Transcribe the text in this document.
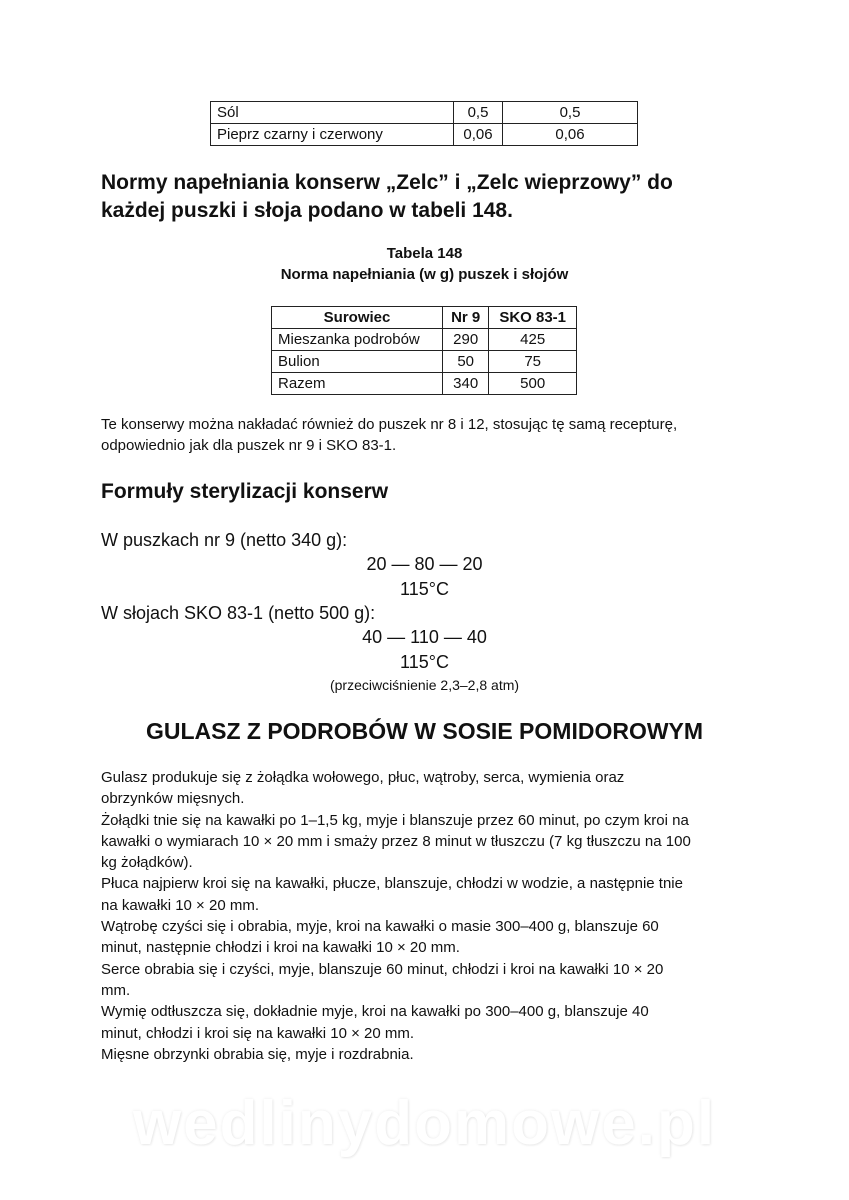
Sól	0,5	0,5
Pieprz czarny i czerwony	0,06	0,06
Normy napełniania konserw „Zelc” i „Zelc wieprzowy” do
każdej puszki i słoja podano w tabeli 148.
Tabela 148
Norma napełniania (w g) puszek i słojów
Surowiec	Nr 9	SKO 83-1
Mieszanka podrobów	290	425
Bulion	50	75
Razem	340	500
Te konserwy można nakładać również do puszek nr 8 i 12, stosując tę samą recepturę,
odpowiednio jak dla puszek nr 9 i SKO 83-1.
Formuły sterylizacji konserw
W puszkach nr 9 (netto 340 g):
20 — 80 — 20
115°C
W słojach SKO 83-1 (netto 500 g):
40 — 110 — 40
115°C
(przeciwciśnienie 2,3–2,8 atm)
GULASZ Z PODROBÓW W SOSIE POMIDOROWYM

Gulasz produkuje się z żołądka wołowego, płuc, wątroby, serca, wymienia oraz

obrzynków mięsnych.

Żołądki tnie się na kawałki po 1–1,5 kg, myje i blanszuje przez 60 minut, po czym kroi na

kawałki o wymiarach 10 × 20 mm i smaży przez 8 minut w tłuszczu (7 kg tłuszczu na 100

kg żołądków).

Płuca najpierw kroi się na kawałki, płucze, blanszuje, chłodzi w wodzie, a następnie tnie

na kawałki 10 × 20 mm.

Wątrobę czyści się i obrabia, myje, kroi na kawałki o masie 300–400 g, blanszuje 60

minut, następnie chłodzi i kroi na kawałki 10 × 20 mm.

Serce obrabia się i czyści, myje, blanszuje 60 minut, chłodzi i kroi na kawałki 10 × 20

mm.

Wymię odtłuszcza się, dokładnie myje, kroi na kawałki po 300–400 g, blanszuje 40

minut, chłodzi i kroi się na kawałki 10 × 20 mm.

Mięsne obrzynki obrabia się, myje i rozdrabnia.

wedlinydomowe.pl
